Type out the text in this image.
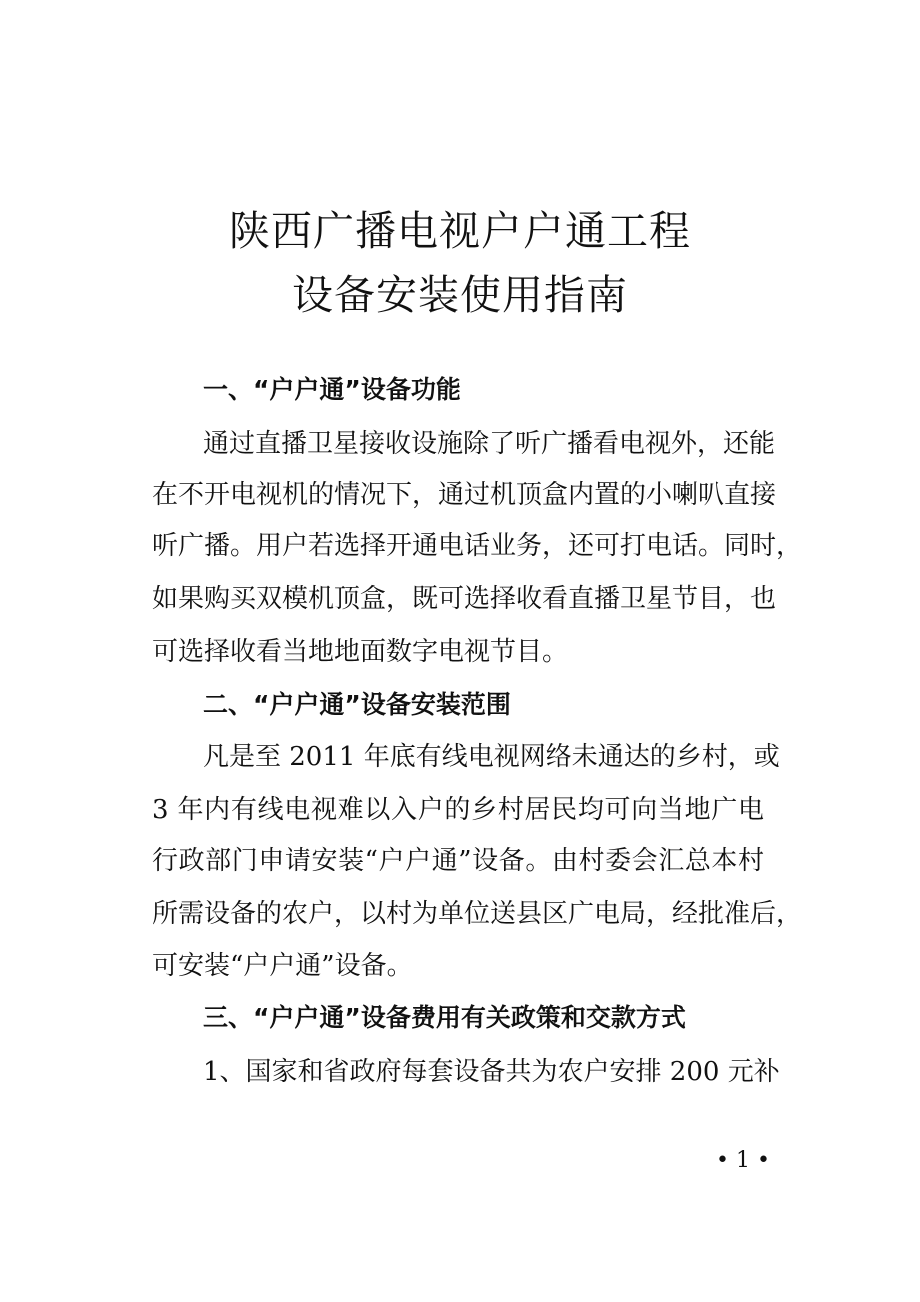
陕西广播电视户户通工程
设备安装使用指南
一、“户户通”设备功能
通过直播卫星接收设施除了听广播看电视外，还能
在不开电视机的情况下，通过机顶盒内置的小喇叭直接
听广播。用户若选择开通电话业务，还可打电话。同时，
如果购买双模机顶盒，既可选择收看直播卫星节目，也
可选择收看当地地面数字电视节目。
二、“户户通”设备安装范围
凡是至 2011 年底有线电视网络未通达的乡村，或
3 年内有线电视难以入户的乡村居民均可向当地广电
行政部门申请安装“户户通”设备。由村委会汇总本村
所需设备的农户，以村为单位送县区广电局，经批准后，
可安装“户户通”设备。
三、“户户通”设备费用有关政策和交款方式
1、国家和省政府每套设备共为农户安排 200 元补
• 1 •
